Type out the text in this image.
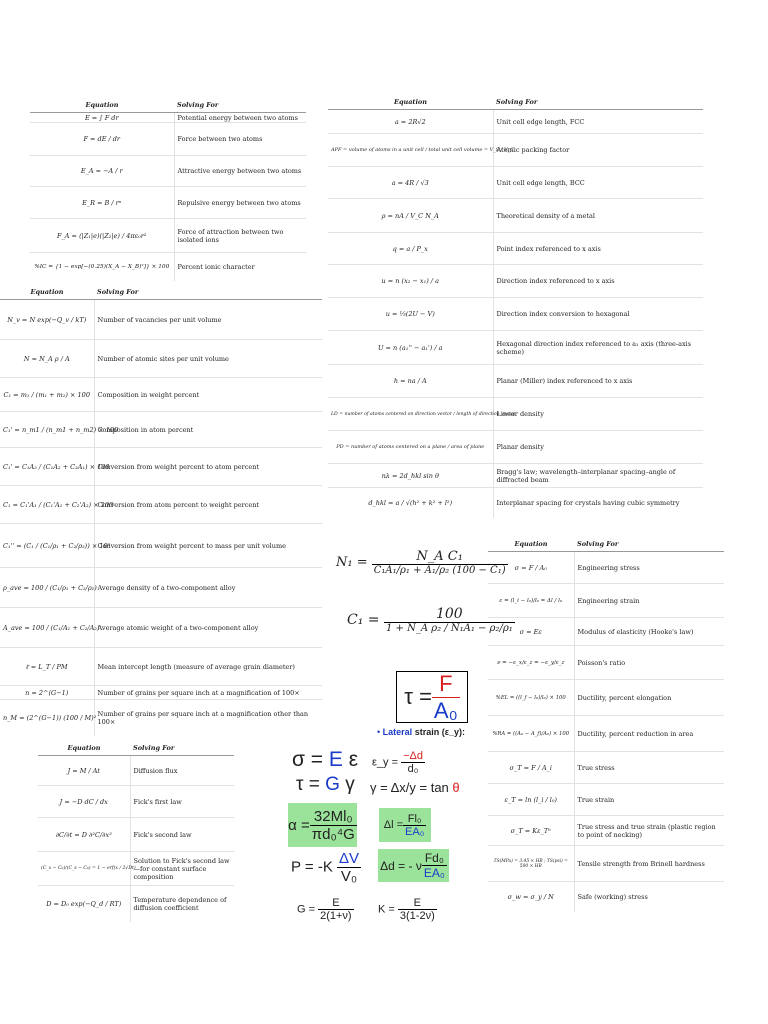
Equation	Solving For
E = ∫ F dr	Potential energy between two atoms
F = dE / dr	Force between two atoms
E_A = −A / r	Attractive energy between two atoms
E_R = B / rⁿ	Repulsive energy between two atoms
F_A = (|Z₁|e)(|Z₂|e) / 4πε₀r²	Force of attraction between two isolated ions
%IC = {1 − exp[−(0.25)(X_A − X_B)²]} × 100	Percent ionic character
Equation	Solving For
a = 2R√2	Unit cell edge length, FCC
APF = volume of atoms in a unit cell / total unit cell volume = V_S / V_C	Atomic packing factor
a = 4R / √3	Unit cell edge length, BCC
ρ = nA / V_C N_A	Theoretical density of a metal
q = a / P_x	Point index referenced to x axis
u = n (x₂ − x₁) / a	Direction index referenced to x axis
u = ⅓(2U − V)	Direction index conversion to hexagonal
U = n (a₁'' − a₁') / a	Hexagonal direction index referenced to a₁ axis (three-axis scheme)
h = na / A	Planar (Miller) index referenced to x axis
LD = number of atoms centered on direction vector / length of direction vector	Linear density
PD = number of atoms centered on a plane / area of plane	Planar density
nλ = 2d_hkl sin θ	Bragg's law; wavelength–interplanar spacing–angle of diffracted beam
d_hkl = a / √(h² + k² + l²)	Interplanar spacing for crystals having cubic symmetry
Equation	Solving For
N_v = N exp(−Q_v / kT)	Number of vacancies per unit volume
N = N_A ρ / A	Number of atomic sites per unit volume
C₁ = m₁ / (m₁ + m₂) × 100	Composition in weight percent
C₁' = n_m1 / (n_m1 + n_m2) × 100	Composition in atom percent
C₁' = C₁A₂ / (C₁A₂ + C₂A₁) × 100	Conversion from weight percent to atom percent
C₁ = C₁'A₁ / (C₁'A₁ + C₂'A₂) × 100	Conversion from atom percent to weight percent
C₁'' = (C₁ / (C₁/ρ₁ + C₂/ρ₂)) × 10³	Conversion from weight percent to mass per unit volume
ρ_ave = 100 / (C₁/ρ₁ + C₂/ρ₂)	Average density of a two-component alloy
A_ave = 100 / (C₁/A₁ + C₂/A₂)	Average atomic weight of a two-component alloy
ℓ̄ = L_T / PM	Mean intercept length (measure of average grain diameter)
n = 2^(G−1)	Number of grains per square inch at a magnification of 100×
n_M = (2^(G−1)) (100 / M)²	Number of grains per square inch at a magnification other than 100×
Equation	Solving For
J = M / At	Diffusion flux
J = −D dC / dx	Fick's first law
∂C/∂t = D ∂²C/∂x²	Fick's second law
(C_x − C₀)/(C_s − C₀) = 1 − erf(x / 2√Dt)	Solution to Fick's second law—for constant surface composition
D = D₀ exp(−Q_d / RT)	Temperature dependence of diffusion coefficient
Equation	Solving For
σ = F / A₀	Engineering stress
ε = (l_i − l₀)/l₀ = Δl / l₀	Engineering strain
σ = Eε	Modulus of elasticity (Hooke's law)
ν = −ε_x/ε_z = −ε_y/ε_z	Poisson's ratio
%EL = ((l_f − l₀)/l₀) × 100	Ductility, percent elongation
%RA = ((A₀ − A_f)/A₀) × 100	Ductility, percent reduction in area
σ_T = F / A_i	True stress
ε_T = ln (l_i / l₀)	True strain
σ_T = Kε_Tⁿ	True stress and true strain (plastic region to point of necking)
TS(MPa) = 3.45 × HB ; TS(psi) = 500 × HB	Tensile strength from Brinell hardness
σ_w = σ_y / N	Safe (working) stress
$N_1 = \frac{\text{N\_A C₁}}{\text{C₁A₁/ρ₁ + A₁/ρ₂ (100 − C₁)}}$
$C_1 = \frac{100}{\text{1 + N\_A ρ₂ / N₁A₁ − ρ₂/ρ₁}}$
$\tau = \frac{F}{\text{A₀}}$
• Lateral strain (ε_y):
ε_y = $\frac{-\Delta d}{\text{d₀}}$
σ = E ε
τ = G γ γ = Δx/y = tan θ
$\alpha = \frac{\text{32Ml₀}}{\text{πd₀⁴G}}$ $\Delta l = \frac{\text{Fl₀}}{\text{EA₀}}$
$P = -K \frac{\Delta V}{\text{V₀}}$ Δd = - ν $\frac{\text{Fd₀}}{\text{EA₀}}$
$G = \frac{E}{2(1+\nu)}$ $K = \frac{E}{3(1-2\nu)}$
